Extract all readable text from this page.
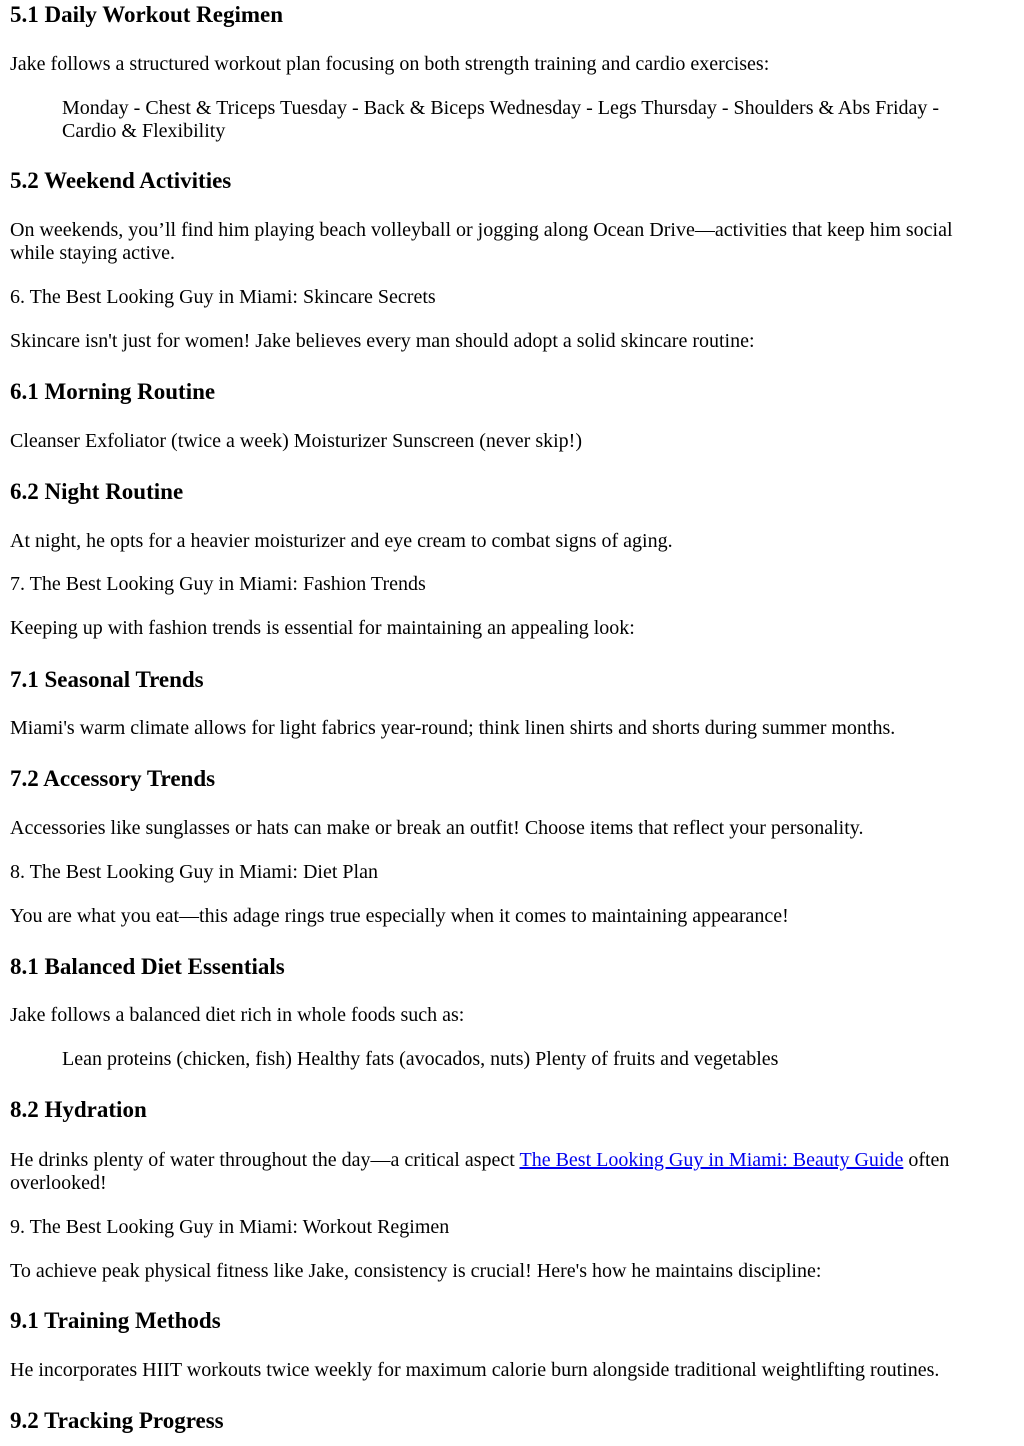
5.1 Daily Workout Regimen

Jake follows a structured workout plan focusing on both strength training and cardio exercises:

Monday - Chest & Triceps Tuesday - Back & Biceps Wednesday - Legs Thursday - Shoulders & Abs Friday - Cardio & Flexibility
5.2 Weekend Activities

On weekends, you’ll find him playing beach volleyball or jogging along Ocean Drive—activities that keep him social while staying active.

6. The Best Looking Guy in Miami: Skincare Secrets

Skincare isn't just for women! Jake believes every man should adopt a solid skincare routine:

6.1 Morning Routine

Cleanser Exfoliator (twice a week) Moisturizer Sunscreen (never skip!)

6.2 Night Routine

At night, he opts for a heavier moisturizer and eye cream to combat signs of aging.

7. The Best Looking Guy in Miami: Fashion Trends

Keeping up with fashion trends is essential for maintaining an appealing look:

7.1 Seasonal Trends

Miami's warm climate allows for light fabrics year-round; think linen shirts and shorts during summer months.

7.2 Accessory Trends

Accessories like sunglasses or hats can make or break an outfit! Choose items that reflect your personality.

8. The Best Looking Guy in Miami: Diet Plan

You are what you eat—this adage rings true especially when it comes to maintaining appearance!

8.1 Balanced Diet Essentials

Jake follows a balanced diet rich in whole foods such as:

Lean proteins (chicken, fish) Healthy fats (avocados, nuts) Plenty of fruits and vegetables
8.2 Hydration

He drinks plenty of water throughout the day—a critical aspect The Best Looking Guy in Miami: Beauty Guide often overlooked!

9. The Best Looking Guy in Miami: Workout Regimen

To achieve peak physical fitness like Jake, consistency is crucial! Here's how he maintains discipline:

9.1 Training Methods

He incorporates HIIT workouts twice weekly for maximum calorie burn alongside traditional weightlifting routines.

9.2 Tracking Progress
